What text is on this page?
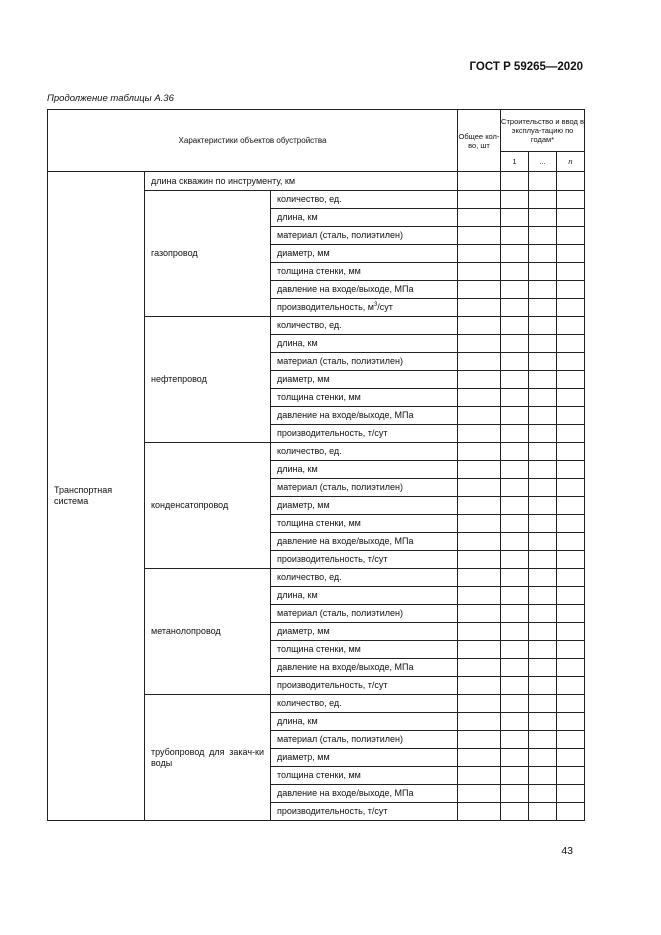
ГОСТ Р 59265—2020
Продолжение таблицы А.36
Характеристики объектов обустройства			Общее кол-во, шт	Строительство и ввод в эксплуа-тацию по годам*		
				1	...	n
Транспортная система	длина скважин по инструменту, км					
	газопровод	количество, ед.				
		длина, км				
		материал (сталь, полиэтилен)				
		диаметр, мм				
		толщина стенки, мм				
		давление на входе/выходе, МПа				
		производительность, $м^3$/сут				
	нефтепровод	количество, ед.				
		длина, км				
		материал (сталь, полиэтилен)				
		диаметр, мм				
		толщина стенки, мм				
		давление на входе/выходе, МПа				
		производительность, т/сут				
	конденсатопровод	количество, ед.				
		длина, км				
		материал (сталь, полиэтилен)				
		диаметр, мм				
		толщина стенки, мм				
		давление на входе/выходе, МПа				
		производительность, т/сут				
	метанолопровод	количество, ед.				
		длина, км				
		материал (сталь, полиэтилен)				
		диаметр, мм				
		толщина стенки, мм				
		давление на входе/выходе, МПа				
		производительность, т/сут				
	трубопровод для закач-ки воды	количество, ед.				
		длина, км				
		материал (сталь, полиэтилен)				
		диаметр, мм				
		толщина стенки, мм				
		давление на входе/выходе, МПа				
		производительность, т/сут				
43
